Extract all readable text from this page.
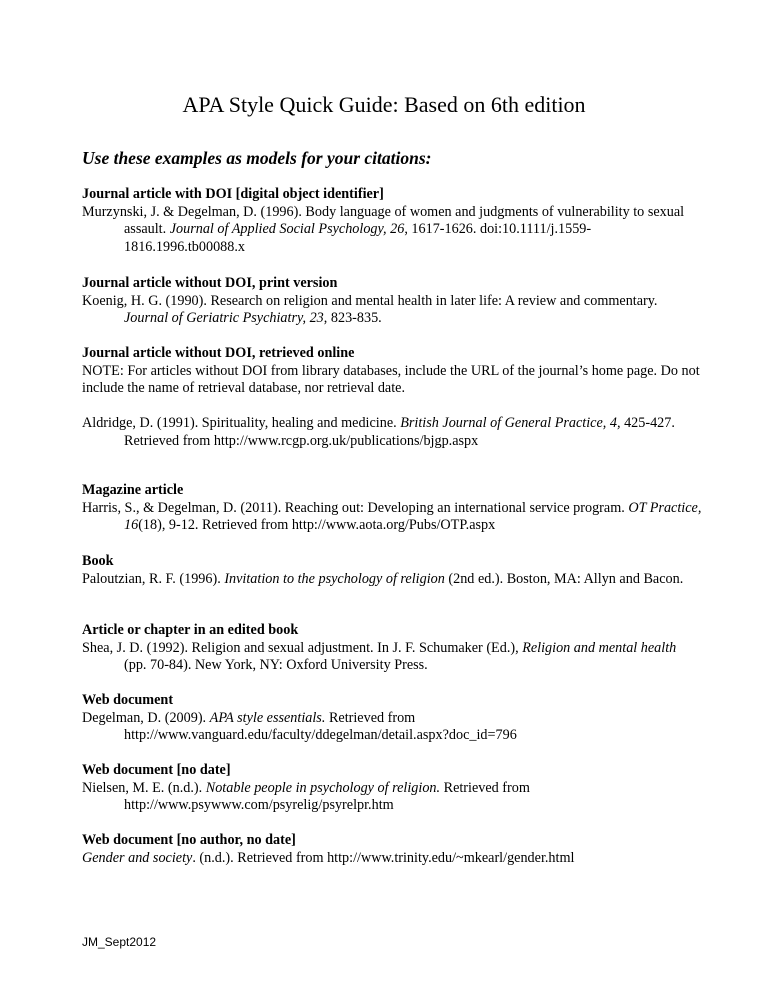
APA Style Quick Guide: Based on 6th edition
Use these examples as models for your citations:
Journal article with DOI [digital object identifier]
Murzynski, J. & Degelman, D. (1996). Body language of women and judgments of vulnerability to sexual assault. Journal of Applied Social Psychology, 26, 1617-1626. doi:10.1111/j.1559-1816.1996.tb00088.x
Journal article without DOI, print version
Koenig, H. G. (1990). Research on religion and mental health in later life: A review and commentary. Journal of Geriatric Psychiatry, 23, 823-835.
Journal article without DOI, retrieved online
NOTE: For articles without DOI from library databases, include the URL of the journal’s home page. Do not include the name of retrieval database, nor retrieval date.
Aldridge, D. (1991). Spirituality, healing and medicine. British Journal of General Practice, 4, 425-427. Retrieved from http://www.rcgp.org.uk/publications/bjgp.aspx
Magazine article
Harris, S., & Degelman, D. (2011). Reaching out: Developing an international service program. OT Practice, 16(18), 9-12. Retrieved from http://www.aota.org/Pubs/OTP.aspx
Book
Paloutzian, R. F. (1996). Invitation to the psychology of religion (2nd ed.). Boston, MA: Allyn and Bacon.
Article or chapter in an edited book
Shea, J. D. (1992). Religion and sexual adjustment. In J. F. Schumaker (Ed.), Religion and mental health (pp. 70-84). New York, NY: Oxford University Press.
Web document
Degelman, D. (2009). APA style essentials. Retrieved from http://www.vanguard.edu/faculty/ddegelman/detail.aspx?doc_id=796
Web document [no date]
Nielsen, M. E. (n.d.). Notable people in psychology of religion. Retrieved from http://www.psywww.com/psyrelig/psyrelpr.htm
Web document [no author, no date]
Gender and society. (n.d.). Retrieved from http://www.trinity.edu/~mkearl/gender.html
JM_Sept2012
